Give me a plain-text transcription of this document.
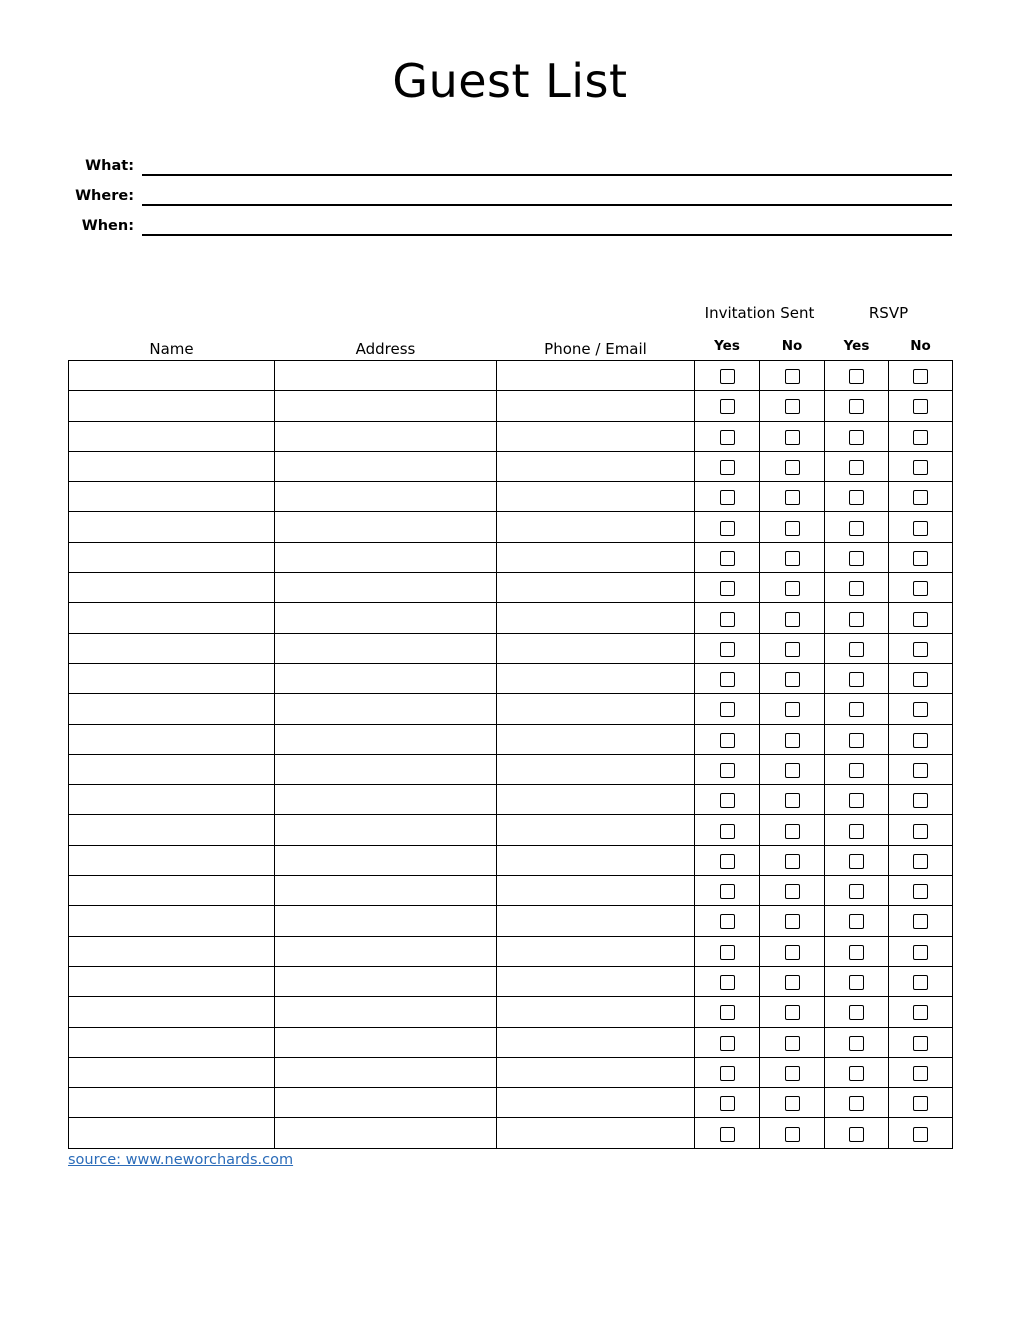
Guest List
What:
Where:
When:
Name	Address	Phone / Email	Invitation Sent		RSVP	
			Yes	No	Yes	No

source: www.neworchards.com
